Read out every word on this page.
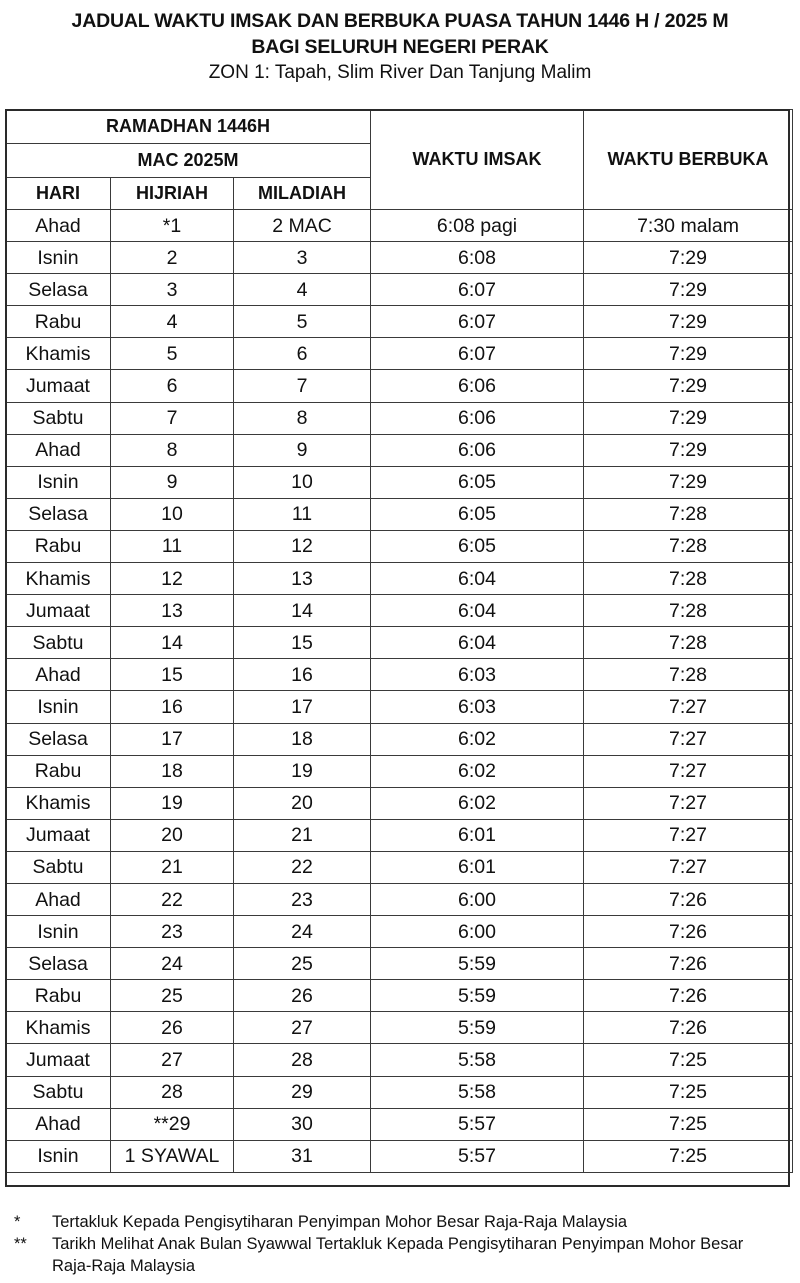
JADUAL WAKTU IMSAK DAN BERBUKA PUASA TAHUN 1446 H / 2025 M
BAGI SELURUH NEGERI PERAK
ZON 1: Tapah, Slim River Dan Tanjung Malim
RAMADHAN 1446H			WAKTU IMSAK	WAKTU BERBUKA
MAC 2025M				
HARI	HIJRIAH	MILADIAH		
Ahad	*1	2 MAC	6:08 pagi	7:30 malam
Isnin	2	3	6:08	7:29
Selasa	3	4	6:07	7:29
Rabu	4	5	6:07	7:29
Khamis	5	6	6:07	7:29
Jumaat	6	7	6:06	7:29
Sabtu	7	8	6:06	7:29
Ahad	8	9	6:06	7:29
Isnin	9	10	6:05	7:29
Selasa	10	11	6:05	7:28
Rabu	11	12	6:05	7:28
Khamis	12	13	6:04	7:28
Jumaat	13	14	6:04	7:28
Sabtu	14	15	6:04	7:28
Ahad	15	16	6:03	7:28
Isnin	16	17	6:03	7:27
Selasa	17	18	6:02	7:27
Rabu	18	19	6:02	7:27
Khamis	19	20	6:02	7:27
Jumaat	20	21	6:01	7:27
Sabtu	21	22	6:01	7:27
Ahad	22	23	6:00	7:26
Isnin	23	24	6:00	7:26
Selasa	24	25	5:59	7:26
Rabu	25	26	5:59	7:26
Khamis	26	27	5:59	7:26
Jumaat	27	28	5:58	7:25
Sabtu	28	29	5:58	7:25
Ahad	**29	30	5:57	7:25
Isnin	1 SYAWAL	31	5:57	7:25
*	Tertakluk Kepada Pengisytiharan Penyimpan Mohor Besar Raja-Raja Malaysia
**	Tarikh Melihat Anak Bulan Syawwal Tertakluk Kepada Pengisytiharan Penyimpan Mohor Besar Raja-Raja Malaysia
